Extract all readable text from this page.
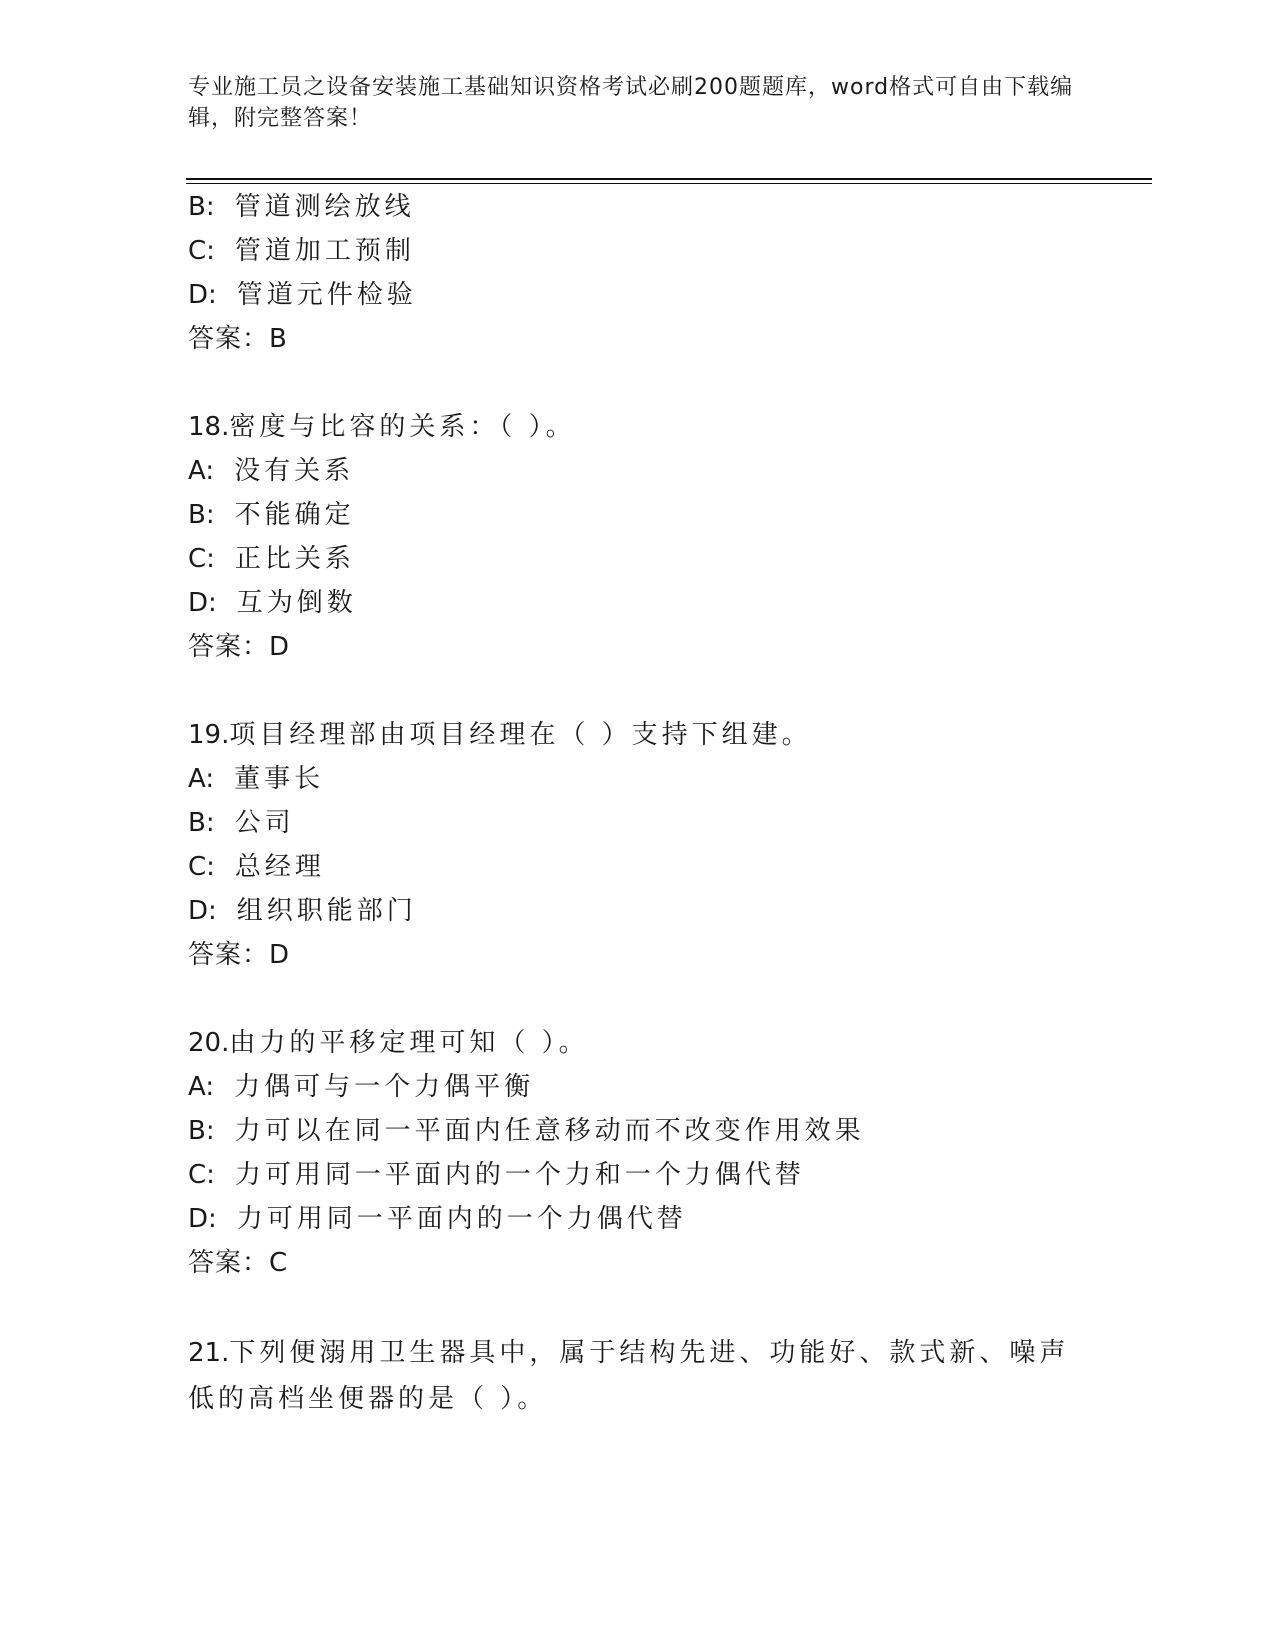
专业施工员之设备安装施工基础知识资格考试必刷200题题库，word格式可自由下载编辑，附完整答案！
B: 管道测绘放线
C: 管道加工预制
D: 管道元件检验
答案：B
18.密度与比容的关系：（ ）。
A: 没有关系
B: 不能确定
C: 正比关系
D: 互为倒数
答案：D
19.项目经理部由项目经理在（ ）支持下组建。
A: 董事长
B: 公司
C: 总经理
D: 组织职能部门
答案：D
20.由力的平移定理可知（ ）。
A: 力偶可与一个力偶平衡
B: 力可以在同一平面内任意移动而不改变作用效果
C: 力可用同一平面内的一个力和一个力偶代替
D: 力可用同一平面内的一个力偶代替
答案：C
21.下列便溺用卫生器具中，属于结构先进、功能好、款式新、噪声低的高档坐便器的是（ ）。
